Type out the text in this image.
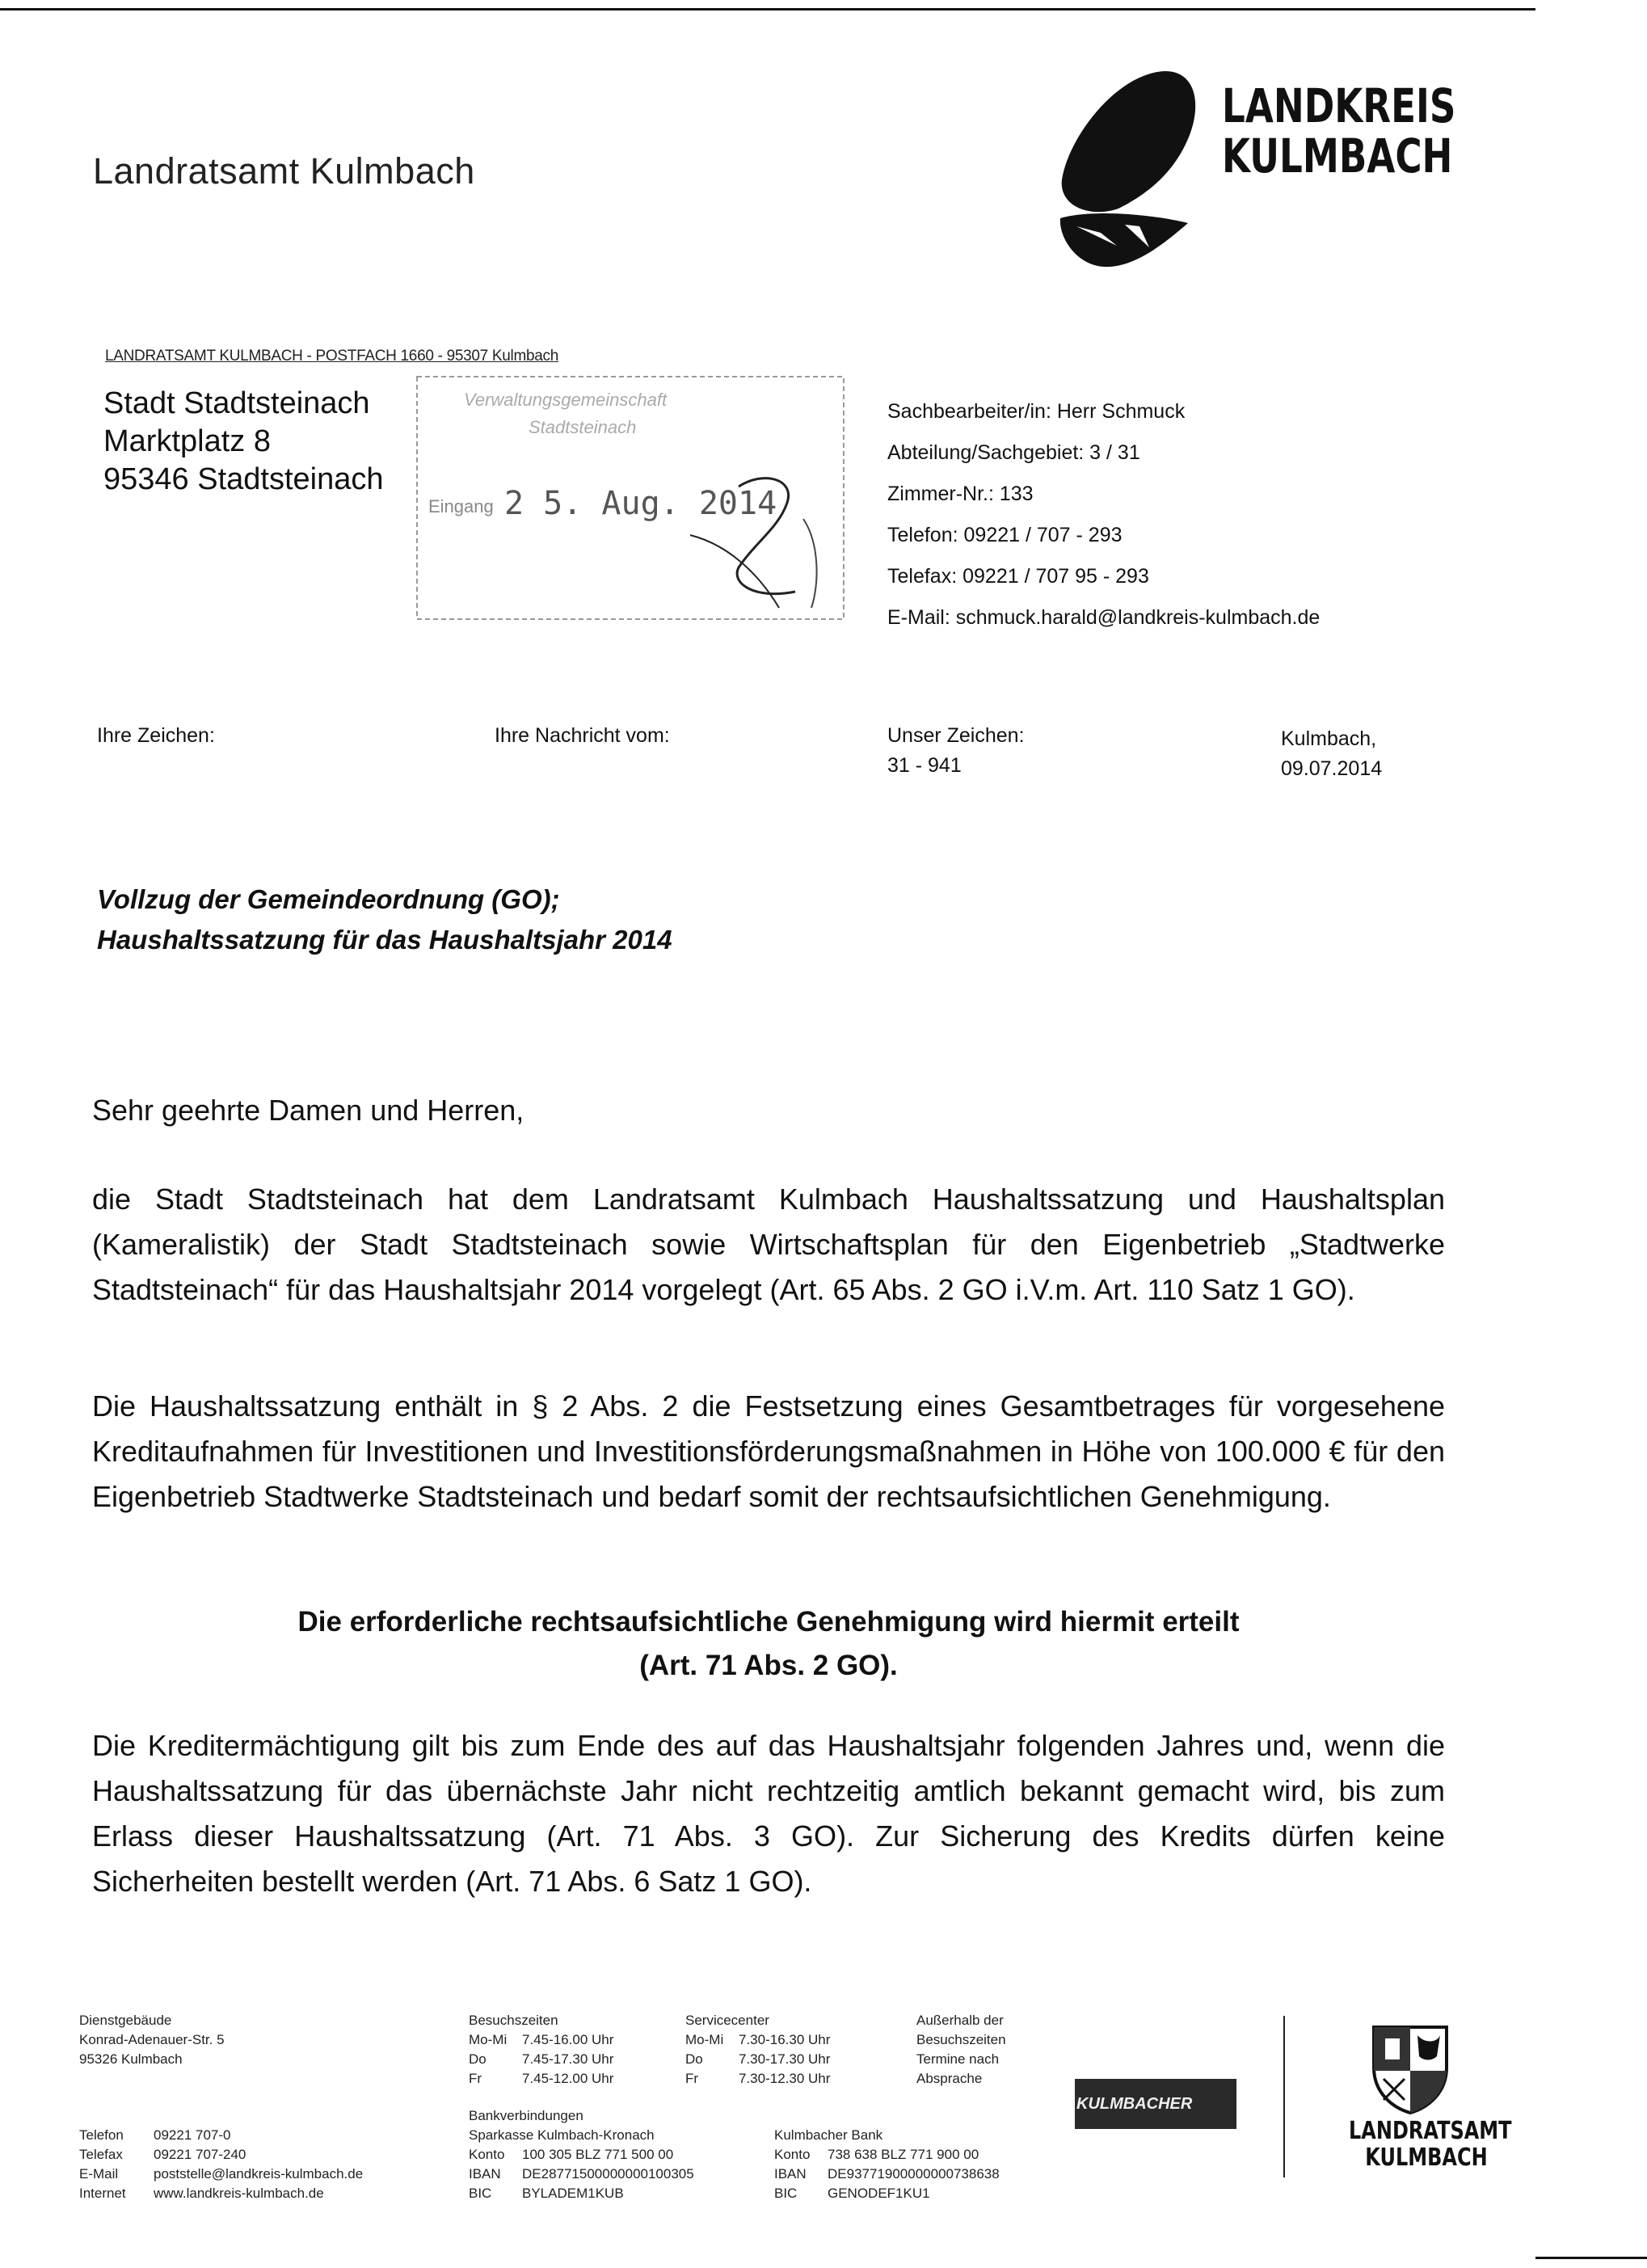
Landratsamt Kulmbach
LANDKREIS
KULMBACH
LANDRATSAMT KULMBACH - POSTFACH 1660 - 95307 Kulmbach
Stadt Stadtsteinach
Marktplatz 8
95346 Stadtsteinach
Verwaltungsgemeinschaft
Stadtsteinach
Eingang 2 5. Aug. 2014
Sachbearbeiter/in: Herr Schmuck
Abteilung/Sachgebiet: 3 / 31
Zimmer-Nr.: 133
Telefon: 09221 / 707 - 293
Telefax: 09221 / 707 95 - 293
E-Mail: schmuck.harald@landkreis-kulmbach.de
Ihre Zeichen:	Ihre Nachricht vom:	Unser Zeichen:
31 - 941
Kulmbach,
09.07.2014
Vollzug der Gemeindeordnung (GO);
Haushaltssatzung für das Haushaltsjahr 2014
Sehr geehrte Damen und Herren,
die Stadt Stadtsteinach hat dem Landratsamt Kulmbach Haushaltssatzung und Haushaltsplan (Kameralistik) der Stadt Stadtsteinach sowie Wirtschaftsplan für den Eigenbetrieb „Stadtwerke Stadtsteinach“ für das Haushaltsjahr 2014 vorgelegt (Art. 65 Abs. 2 GO i.V.m. Art. 110 Satz 1 GO).
Die Haushaltssatzung enthält in § 2 Abs. 2 die Festsetzung eines Gesamtbetrages für vorgesehene Kreditaufnahmen für Investitionen und Investitionsförderungsmaßnahmen in Höhe von 100.000 € für den Eigenbetrieb Stadtwerke Stadtsteinach und bedarf somit der rechtsaufsichtlichen Genehmigung.
Die erforderliche rechtsaufsichtliche Genehmigung wird hiermit erteilt
(Art. 71 Abs. 2 GO).
Die Kreditermächtigung gilt bis zum Ende des auf das Haushaltsjahr folgenden Jahres und, wenn die Haushaltssatzung für das übernächste Jahr nicht rechtzeitig amtlich bekannt gemacht wird, bis zum Erlass dieser Haushaltssatzung (Art. 71 Abs. 3 GO). Zur Sicherung des Kredits dürfen keine Sicherheiten bestellt werden (Art. 71 Abs. 6 Satz 1 GO).
Dienstgebäude
Konrad-Adenauer-Str. 5
95326 Kulmbach
Besuchszeiten
Mo-Mi	7.45-16.00 Uhr
Do	7.45-17.30 Uhr
Fr	7.45-12.00 Uhr
Servicecenter
Mo-Mi	7.30-16.30 Uhr
Do	7.30-17.30 Uhr
Fr	7.30-12.30 Uhr
Außerhalb der
Besuchszeiten
Termine nach
Absprache
Telefon	09221 707-0
Telefax	09221 707-240
E-Mail	poststelle@landkreis-kulmbach.de
Internet	www.landkreis-kulmbach.de
Bankverbindungen
Sparkasse Kulmbach-Kronach
Konto	100 305 BLZ 771 500 00
IBAN	DE28771500000000100305
BIC	BYLADEM1KUB
Kulmbacher Bank
Konto	738 638 BLZ 771 900 00
IBAN	DE93771900000000738638
BIC	GENODEF1KU1
KULMBACHER
LANDRATSAMT
KULMBACH
